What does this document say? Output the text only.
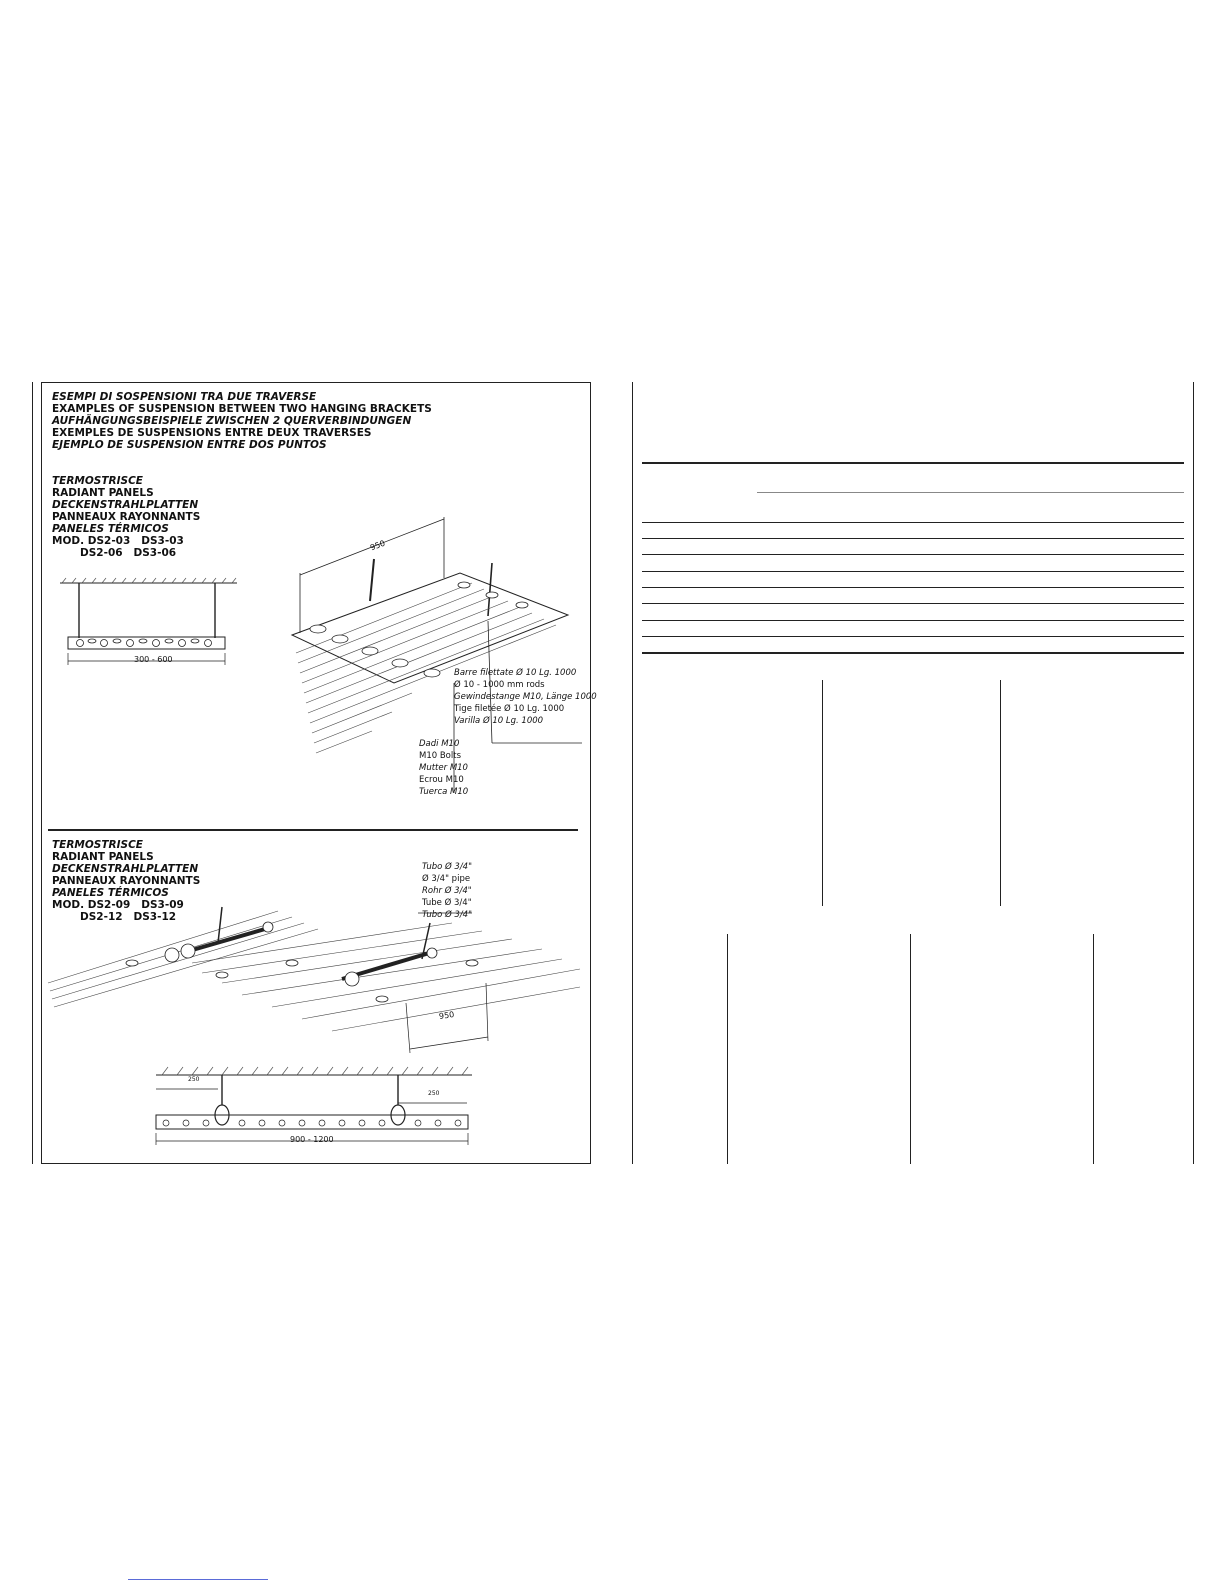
ESEMPI DI SOSPENSIONI TRA DUE TRAVERSE
EXAMPLES OF SUSPENSION BETWEEN TWO HANGING BRACKETS
AUFHÄNGUNGSBEISPIELE ZWISCHEN 2 QUERVERBINDUNGEN
EXEMPLES DE SUSPENSIONS ENTRE DEUX TRAVERSES
EJEMPLO DE SUSPENSION ENTRE DOS PUNTOS
TERMOSTRISCE
RADIANT PANELS
DECKENSTRAHLPLATTEN
PANNEAUX RAYONNANTS
PANELES TÉRMICOS
MOD. DS2-03   DS3-03
DS2-06   DS3-06
300 - 600
950
Barre filettate Ø 10 Lg. 1000
Ø 10 - 1000 mm rods
Gewindestange M10, Länge 1000
Tige filetée Ø 10 Lg. 1000
Varilla Ø 10 Lg. 1000
Dadi M10
M10 Bolts
Mutter M10
Ecrou M10
Tuerca M10
TERMOSTRISCE
RADIANT PANELS
DECKENSTRAHLPLATTEN
PANNEAUX RAYONNANTS
PANELES TÉRMICOS
MOD. DS2-09   DS3-09
DS2-12   DS3-12
Tubo Ø 3/4"
Ø 3/4" pipe
Rohr Ø 3/4"
Tube Ø 3/4"
Tubo Ø 3/4"
950
250
250
900 - 1200
